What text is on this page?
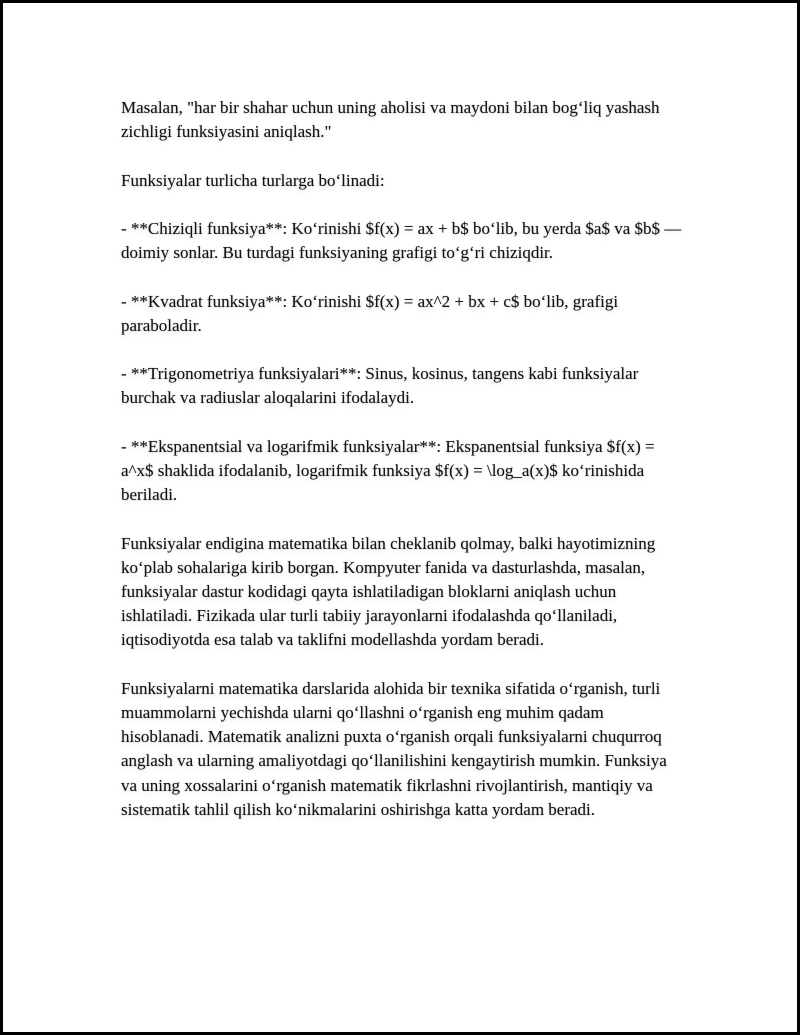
Masalan, "har bir shahar uchun uning aholisi va maydoni bilan bog‘liq yashash zichligi funksiyasini aniqlash."

Funksiyalar turlicha turlarga bo‘linadi:

- **Chiziqli funksiya**: Ko‘rinishi $f(x) = ax + b$ bo‘lib, bu yerda $a$ va $b$ — doimiy sonlar. Bu turdagi funksiyaning grafigi to‘g‘ri chiziqdir.

- **Kvadrat funksiya**: Ko‘rinishi $f(x) = ax^2 + bx + c$ bo‘lib, grafigi paraboladir.

- **Trigonometriya funksiyalari**: Sinus, kosinus, tangens kabi funksiyalar burchak va radiuslar aloqalarini ifodalaydi.

- **Ekspanentsial va logarifmik funksiyalar**: Ekspanentsial funksiya $f(x) = a^x$ shaklida ifodalanib, logarifmik funksiya $f(x) = \log_a(x)$ ko‘rinishida beriladi.

Funksiyalar endigina matematika bilan cheklanib qolmay, balki hayotimizning ko‘plab sohalariga kirib borgan. Kompyuter fanida va dasturlashda, masalan, funksiyalar dastur kodidagi qayta ishlatiladigan bloklarni aniqlash uchun ishlatiladi. Fizikada ular turli tabiiy jarayonlarni ifodalashda qo‘llaniladi, iqtisodiyotda esa talab va taklifni modellashda yordam beradi.

Funksiyalarni matematika darslarida alohida bir texnika sifatida o‘rganish, turli muammolarni yechishda ularni qo‘llashni o‘rganish eng muhim qadam hisoblanadi. Matematik analizni puxta o‘rganish orqali funksiyalarni chuqurroq anglash va ularning amaliyotdagi qo‘llanilishini kengaytirish mumkin. Funksiya va uning xossalarini o‘rganish matematik fikrlashni rivojlantirish, mantiqiy va sistematik tahlil qilish ko‘nikmalarini oshirishga katta yordam beradi.
